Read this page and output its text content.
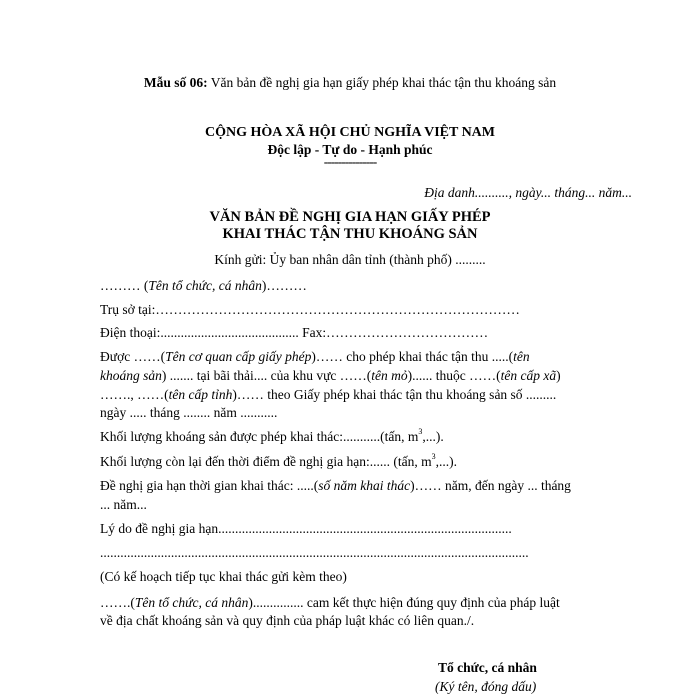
Mẫu số 06: Văn bản đề nghị gia hạn giấy phép khai thác tận thu khoáng sản
CỘNG HÒA XÃ HỘI CHỦ NGHĨA VIỆT NAM
Độc lập - Tự do - Hạnh phúc
---------------
Địa danh.........., ngày... tháng... năm...
VĂN BẢN ĐỀ NGHỊ GIA HẠN GIẤY PHÉP
KHAI THÁC TẬN THU KHOÁNG SẢN
Kính gửi: Ủy ban nhân dân tỉnh (thành phố) .........
……… (Tên tổ chức, cá nhân)………
Trụ sở tại:………………………………………………………………………
Điện thoại:......................................... Fax:………………………………
Được ……(Tên cơ quan cấp giấy phép)…… cho phép khai thác tận thu .....(tên
khoáng sản) ....... tại bãi thải.... của khu vực ……(tên mỏ)...... thuộc ……(tên cấp xã)
……., ……(tên cấp tỉnh)…… theo Giấy phép khai thác tận thu khoáng sản số .........
ngày ..... tháng ........ năm ...........
Khối lượng khoáng sản được phép khai thác:...........(tấn, $m^3$,...).
Khối lượng còn lại đến thời điểm đề nghị gia hạn:...... (tấn, $m^3$,...).
Đề nghị gia hạn thời gian khai thác: .....(số năm khai thác)…… năm, đến ngày ... tháng
... năm...
Lý do đề nghị gia hạn.......................................................................................
...............................................................................................................................
(Có kế hoạch tiếp tục khai thác gửi kèm theo)
…….(Tên tổ chức, cá nhân)............... cam kết thực hiện đúng quy định của pháp luật
về địa chất khoáng sản và quy định của pháp luật khác có liên quan./.
Tổ chức, cá nhân
(Ký tên, đóng dấu)
